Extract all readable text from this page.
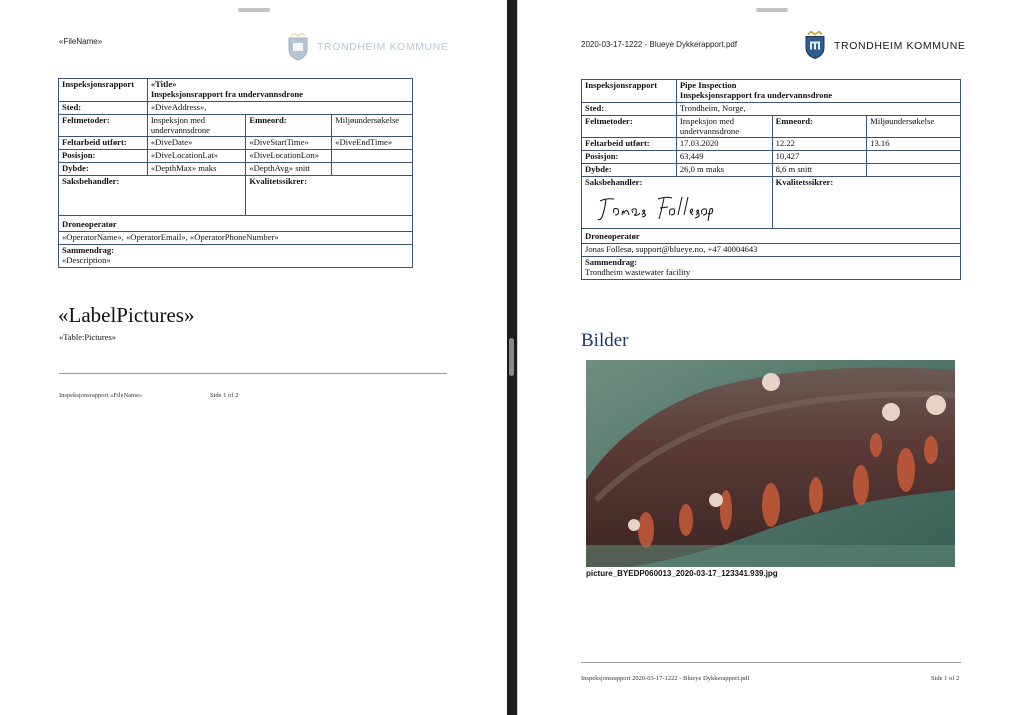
«FileName»	TRONDHEIM KOMMUNE
Inspeksjonsrapport	«Title»
Inspeksjonsrapport fra undervannsdrone		

Sted:	«DiveAddress»,		
Feltmetoder:	Inspeksjon med undervannsdrone	Emneord:	Miljøundersøkelse
Feltarbeid utført:	«DiveDate»	«DiveStartTime»	«DiveEndTime»
Posisjon:	«DiveLocationLat»	«DiveLocationLon»	
Dybde:	«DepthMax» maks	«DepthAvg» snitt	
Saksbehandler:		Kvalitetssikrer:	
Droneoperatør			
«OperatorName», «OperatorEmail», «OperatorPhoneNumber»			

Sammendrag:
«Description»			
«LabelPictures»
«Table:Pictures»
Inspeksjonsrapport «FileName»	Side 1 of 2
2020-03-17-1222 - Blueye Dykkerapport.pdf	TRONDHEIM KOMMUNE
Inspeksjonsrapport	Pipe Inspection
Inspeksjonsrapport fra undervannsdrone		

Sted:	Trondheim, Norge,		
Feltmetoder:	Inspeksjon med undervannsdrone	Emneord:	Miljøundersøkelse
Feltarbeid utført:	17.03.2020	12.22	13.16
Posisjon:	63,449	10,427	
Dybde:	26,0 m maks	8,6 m snitt	

Saksbehandler:		Kvalitetssikrer:	
Droneoperatør			
Jonas Follesø, support@blueye.no, +47 40004643			

Sammendrag:
Trondheim wastewater facility			
Bilder
picture_BYEDP060013_2020-03-17_123341.939.jpg
Inspeksjonsrapport 2020-03-17-1222 - Blueye Dykkerapport.pdf	Side 1 of 2
